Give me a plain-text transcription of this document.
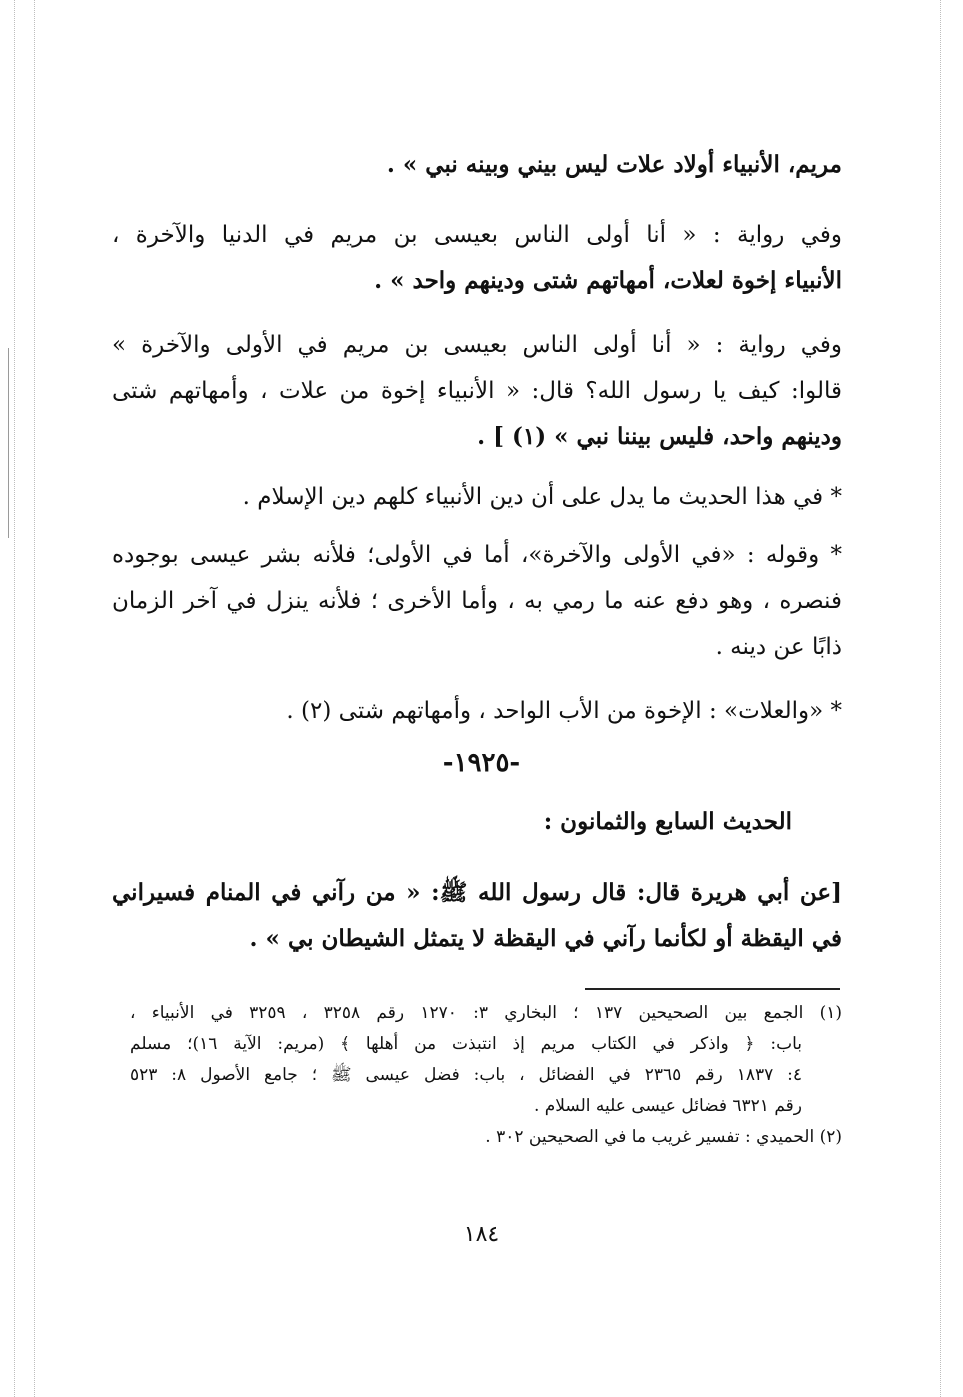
مريم، الأنبياء أولاد علات ليس بيني وبينه نبي » .
وفي رواية : « أنا أولى الناس بعيسى بن مريم في الدنيا والآخرة ،
الأنبياء إخوة لعلات، أمهاتهم شتى ودينهم واحد » .
وفي رواية : « أنا أولى الناس بعيسى بن مريم في الأولى والآخرة »
قالوا: كيف يا رسول الله؟ قال: « الأنبياء إخوة من علات ، وأمهاتهم شتى
ودينهم واحد، فليس بيننا نبي » (١) ] .
* في هذا الحديث ما يدل على أن دين الأنبياء كلهم دين الإسلام .
* وقوله : «في الأولى والآخرة»، أما في الأولى؛ فلأنه بشر عيسى بوجوده
فنصره ، وهو دفع عنه ما رمي به ، وأما الأخرى ؛ فلأنه ينزل في آخر الزمان
ذابًا عن دينه .
* «والعلات» : الإخوة من الأب الواحد ، وأمهاتهم شتى (٢) .
-١٩٢٥-
الحديث السابع والثمانون :
[عن أبي هريرة قال: قال رسول الله ﷺ: « من رآني في المنام فسيراني
في اليقظة أو لكأنما رآني في اليقظة لا يتمثل الشيطان بي » .
(١) الجمع بين الصحيحين ١٣٧ ؛ البخاري ٣: ١٢٧٠ رقم ٣٢٥٨ ، ٣٢٥٩ في الأنبياء ،
باب: ﴿ واذكر في الكتاب مريم إذ انتبذت من أهلها ﴾ (مريم: الآية ١٦)؛ مسلم
٤: ١٨٣٧ رقم ٢٣٦٥ في الفضائل ، باب: فضل عيسى ﷺ ؛ جامع الأصول ٨: ٥٢٣
رقم ٦٣٢١ فضائل عيسى عليه السلام .
(٢) الحميدي : تفسير غريب ما في الصحيحين ٣٠٢ .
١٨٤
